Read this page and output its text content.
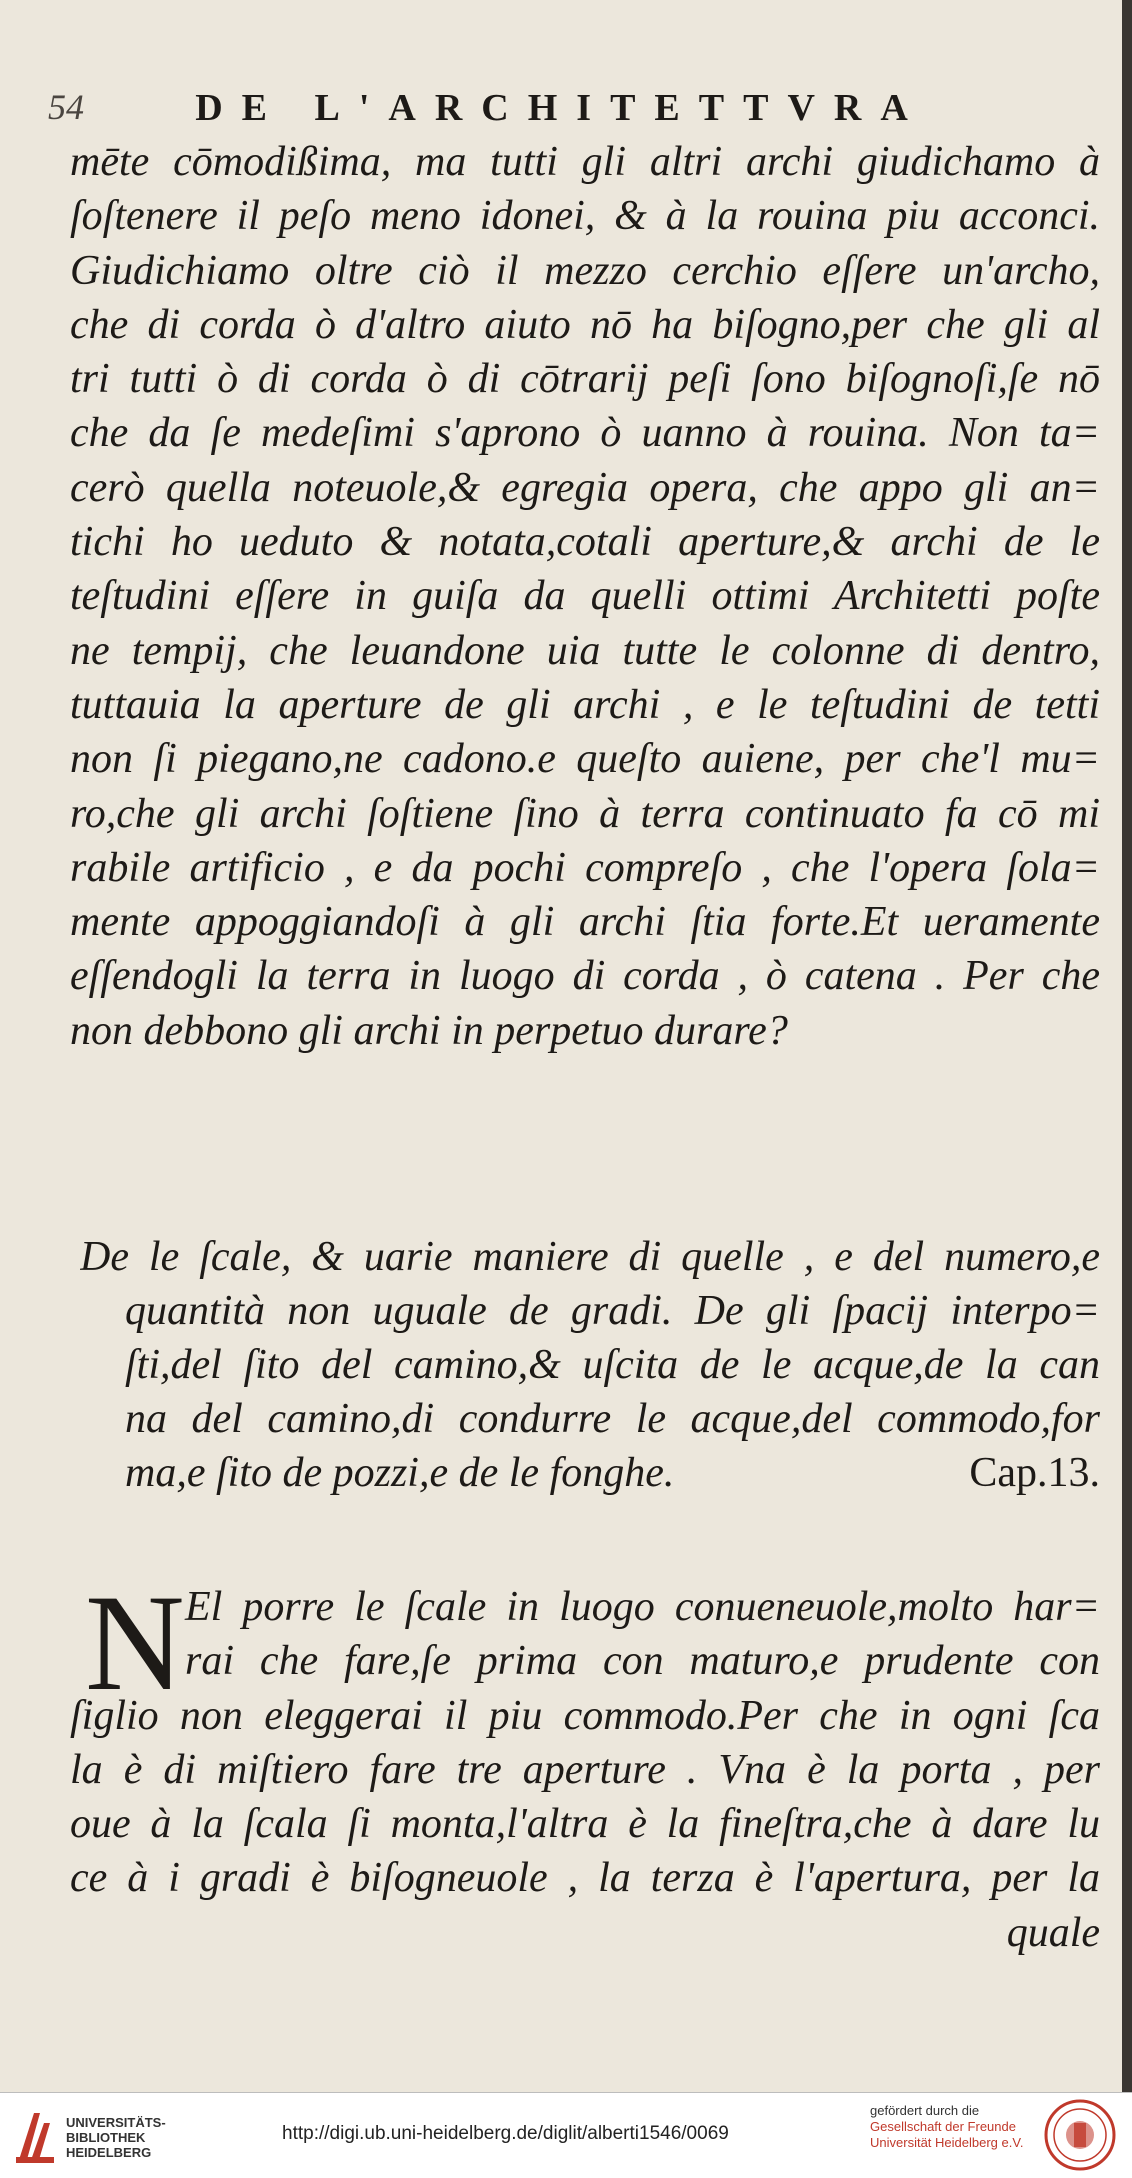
54	DE L'ARCHITETTVRA
mēte cōmodißima, ma tutti gli altri archi giudichamo à
ſoſtenere il peſo meno idonei, & à la rouina piu acconci.
Giudichiamo oltre ciò il mezzo cerchio eſſere un'archo,
che di corda ò d'altro aiuto nō ha biſogno,per che gli al
tri tutti ò di corda ò di cōtrarij peſi ſono biſognoſi,ſe nō
che da ſe medeſimi s'aprono ò uanno à rouina. Non ta=
cerò quella noteuole,& egregia opera, che appo gli an=
tichi ho ueduto & notata,cotali aperture,& archi de le
teſtudini eſſere in guiſa da quelli ottimi Architetti poſte
ne tempij, che leuandone uia tutte le colonne di dentro,
tuttauia la aperture de gli archi , e le teſtudini de tetti
non ſi piegano,ne cadono.e queſto auiene, per che'l mu=
ro,che gli archi ſoſtiene ſino à terra continuato fa cō mi
rabile artificio , e da pochi compreſo , che l'opera ſola=
mente appoggiandoſi à gli archi ſtia forte.Et ueramente
eſſendogli la terra in luogo di corda , ò catena . Per che
non debbono gli archi in perpetuo durare?
De le ſcale, & uarie maniere di quelle , e del numero,e
quantità non uguale de gradi. De gli ſpacij interpo=
ſti,del ſito del camino,& uſcita de le acque,de la can
na del camino,di condurre le acque,del commodo,for
ma,e ſito de pozzi,e de le fonghe.	Cap.13.
N El porre le ſcale in luogo conueneuole,molto har=
rai che fare,ſe prima con maturo,e prudente con
ſiglio non eleggerai il piu commodo.Per che in ogni ſca
la è di miſtiero fare tre aperture . Vna è la porta , per
oue à la ſcala ſi monta,l'altra è la fineſtra,che à dare lu
ce à i gradi è biſogneuole , la terza è l'apertura, per la
quale
UNIVERSITÄTS-
BIBLIOTHEK
HEIDELBERG
http://digi.ub.uni-heidelberg.de/diglit/alberti1546/0069
gefördert durch die
Gesellschaft der Freunde
Universität Heidelberg e.V.
